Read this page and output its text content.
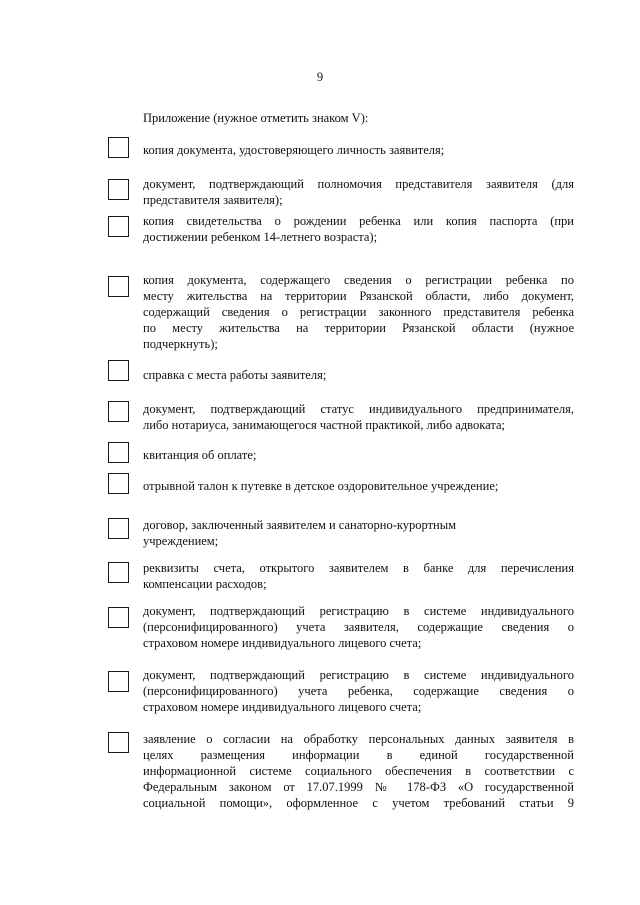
9
Приложение (нужное отметить знаком V):

копия документа, удостоверяющего личность заявителя;

документ, подтверждающий полномочия представителя заявителя (для
представителя заявителя);

копия свидетельства о рождении ребенка или копия паспорта (при
достижении ребенком 14-летнего возраста);

копия документа, содержащего сведения о регистрации ребенка по
месту жительства на территории Рязанской области, либо документ,
содержащий сведения о регистрации законного представителя ребенка
по месту жительства на территории Рязанской области (нужное
подчеркнуть);

справка с места работы заявителя;

документ, подтверждающий статус индивидуального предпринимателя,
либо нотариуса, занимающегося частной практикой, либо адвоката;

квитанция об оплате;

отрывной талон к путевке в детское оздоровительное учреждение;

договор, заключенный заявителем и санаторно-курортным
учреждением;

реквизиты счета, открытого заявителем в банке для перечисления
компенсации расходов;

документ, подтверждающий регистрацию в системе индивидуального
(персонифицированного) учета заявителя, содержащие сведения о
страховом номере индивидуального лицевого счета;

документ, подтверждающий регистрацию в системе индивидуального
(персонифицированного) учета ребенка, содержащие сведения о
страховом номере индивидуального лицевого счета;

заявление о согласии на обработку персональных данных заявителя в
целях размещения информации в единой государственной
информационной системе социального обеспечения в соответствии с
Федеральным законом от 17.07.1999 № 178-ФЗ «О государственной
социальной помощи», оформленное с учетом требований статьи 9
